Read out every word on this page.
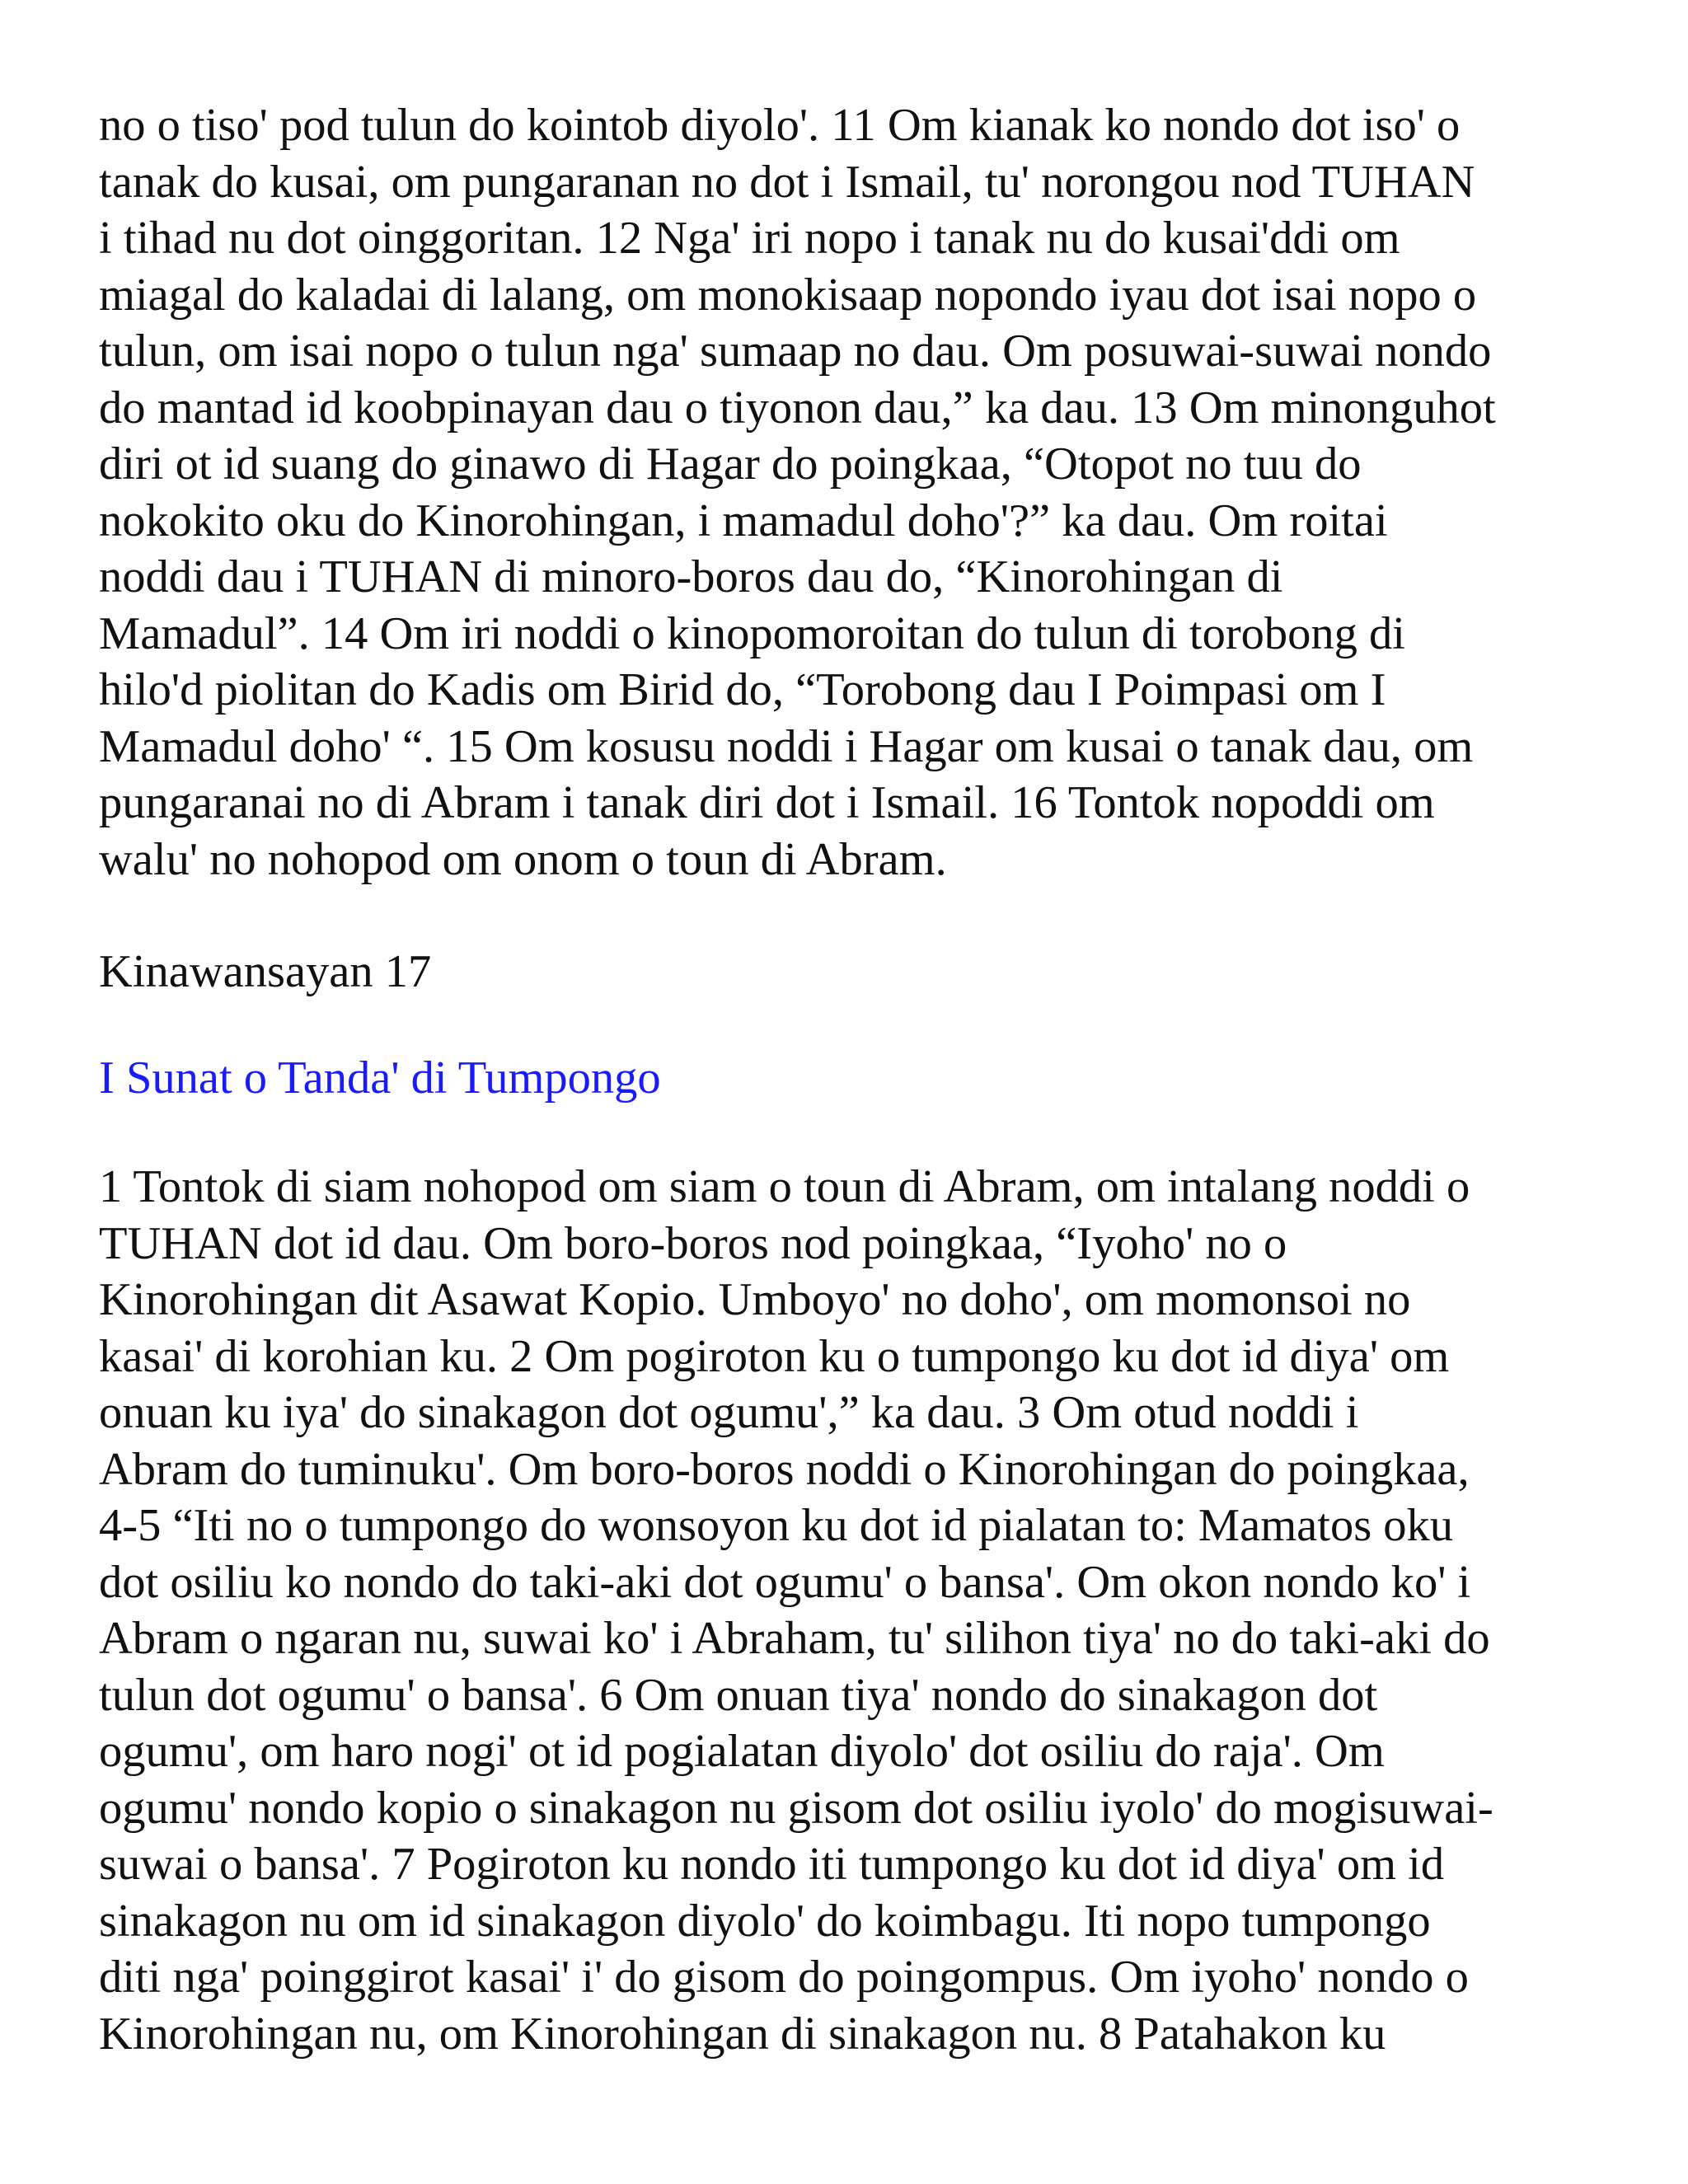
no o tiso' pod tulun do kointob diyolo'. 11 Om kianak ko nondo dot iso' o
tanak do kusai, om pungaranan no dot i Ismail, tu' norongou nod TUHAN
i tihad nu dot oinggoritan. 12 Nga' iri nopo i tanak nu do kusai'ddi om
miagal do kaladai di lalang, om monokisaap nopondo iyau dot isai nopo o
tulun, om isai nopo o tulun nga' sumaap no dau. Om posuwai-suwai nondo
do mantad id koobpinayan dau o tiyonon dau,” ka dau. 13 Om minonguhot
diri ot id suang do ginawo di Hagar do poingkaa, “Otopot no tuu do
nokokito oku do Kinorohingan, i mamadul doho'?” ka dau. Om roitai
noddi dau i TUHAN di minoro-boros dau do, “Kinorohingan di
Mamadul”. 14 Om iri noddi o kinopomoroitan do tulun di torobong di
hilo'd piolitan do Kadis om Birid do, “Torobong dau I Poimpasi om I
Mamadul doho' “. 15 Om kosusu noddi i Hagar om kusai o tanak dau, om
pungaranai no di Abram i tanak diri dot i Ismail. 16 Tontok nopoddi om
walu' no nohopod om onom o toun di Abram.
Kinawansayan 17
I Sunat o Tanda' di Tumpongo
1 Tontok di siam nohopod om siam o toun di Abram, om intalang noddi o
TUHAN dot id dau. Om boro-boros nod poingkaa, “Iyoho' no o
Kinorohingan dit Asawat Kopio. Umboyo' no doho', om momonsoi no
kasai' di korohian ku. 2 Om pogiroton ku o tumpongo ku dot id diya' om
onuan ku iya' do sinakagon dot ogumu',” ka dau. 3 Om otud noddi i
Abram do tuminuku'. Om boro-boros noddi o Kinorohingan do poingkaa,
4-5 “Iti no o tumpongo do wonsoyon ku dot id pialatan to: Mamatos oku
dot osiliu ko nondo do taki-aki dot ogumu' o bansa'. Om okon nondo ko' i
Abram o ngaran nu, suwai ko' i Abraham, tu' silihon tiya' no do taki-aki do
tulun dot ogumu' o bansa'. 6 Om onuan tiya' nondo do sinakagon dot
ogumu', om haro nogi' ot id pogialatan diyolo' dot osiliu do raja'. Om
ogumu' nondo kopio o sinakagon nu gisom dot osiliu iyolo' do mogisuwai-
suwai o bansa'. 7 Pogiroton ku nondo iti tumpongo ku dot id diya' om id
sinakagon nu om id sinakagon diyolo' do koimbagu. Iti nopo tumpongo
diti nga' poinggirot kasai' i' do gisom do poingompus. Om iyoho' nondo o
Kinorohingan nu, om Kinorohingan di sinakagon nu. 8 Patahakon ku
